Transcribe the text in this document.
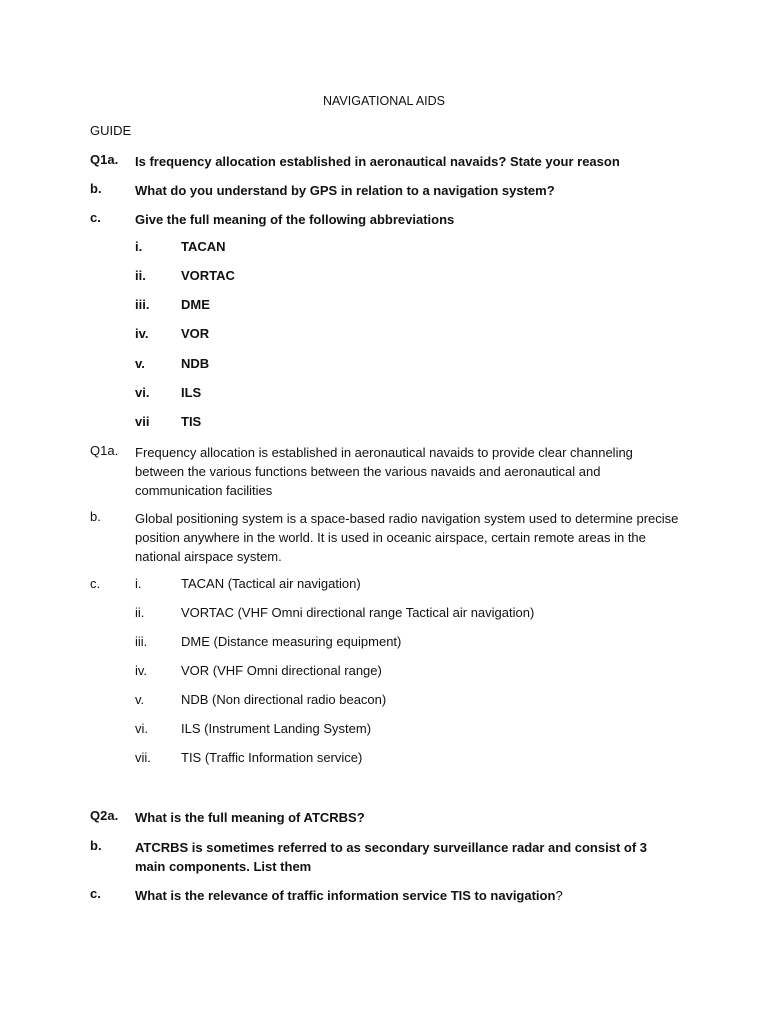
NAVIGATIONAL AIDS
GUIDE
Q1a. Is frequency allocation established in aeronautical navaids? State your reason
b.	What do you understand by GPS in relation to a navigation system?
c.	Give the full meaning of the following abbreviations
i.	TACAN
ii.	VORTAC
iii. DME
iv.	VOR
v.	NDB
vi. ILS
vii TIS
Q1a. Frequency allocation is established in aeronautical navaids to provide clear channeling between the various functions between the various navaids and aeronautical and communication facilities
b.	Global positioning system is a space-based radio navigation system used to determine precise position anywhere in the world. It is used in oceanic airspace, certain remote areas in the national airspace system.
c.	i.	TACAN (Tactical air navigation)
ii.	VORTAC (VHF Omni directional range Tactical air navigation)
iii.	DME (Distance measuring equipment)
iv.	VOR (VHF Omni directional range)
v.	NDB (Non directional radio beacon)
vi.	ILS (Instrument Landing System)
vii. TIS (Traffic Information service)
Q2a. What is the full meaning of ATCRBS?
b.	ATCRBS is sometimes referred to as secondary surveillance radar and consist of 3 main components. List them
c.	What is the relevance of traffic information service TIS to navigation?
